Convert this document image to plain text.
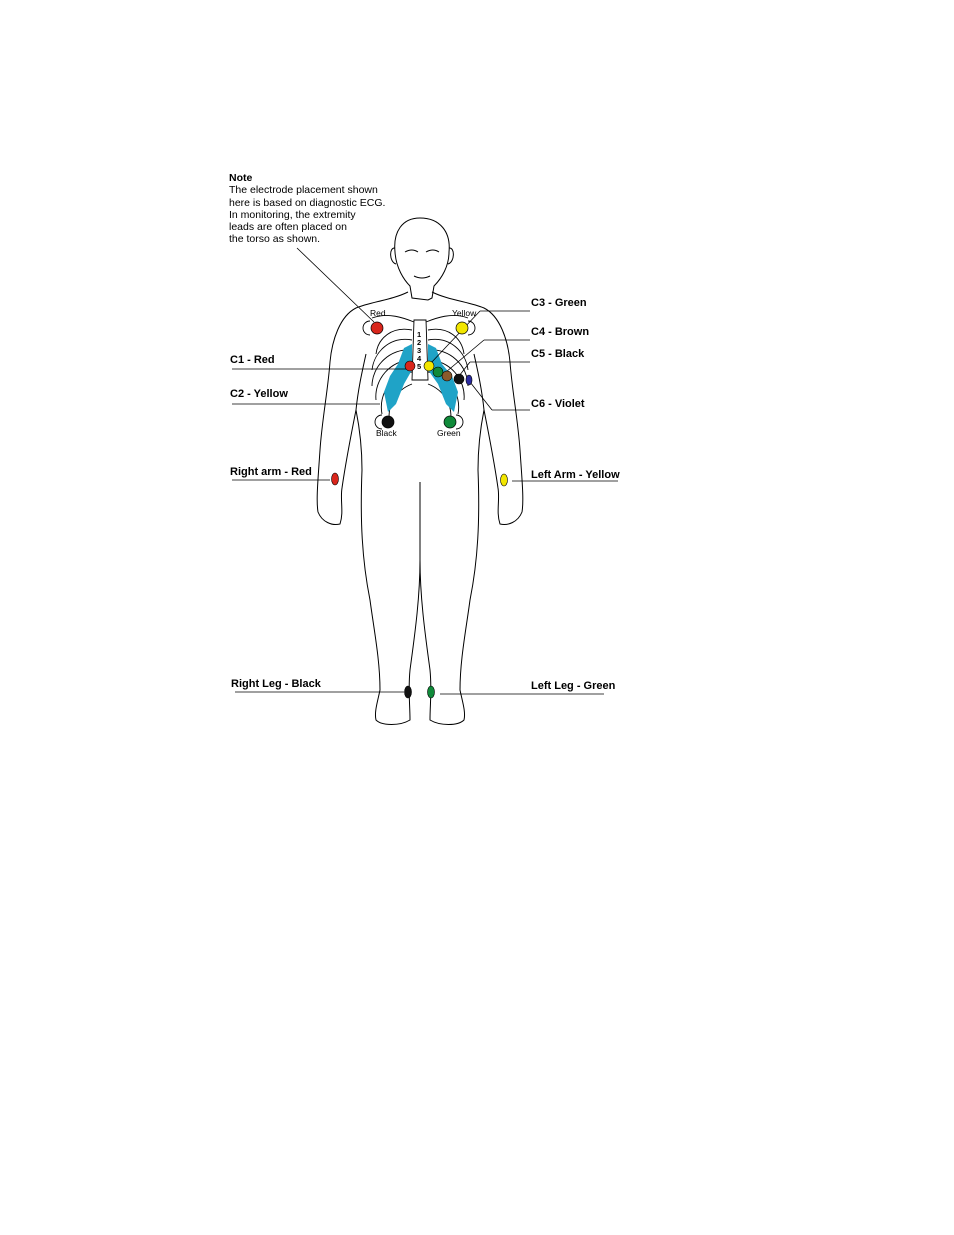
1
2
3
4
5
Red	Yellow
Black	Green
C1 - Red
C2 - Yellow
C3 - Green
C4 - Brown
C5 - Black
C6 - Violet
Right arm - Red	Left Arm - Yellow
Right Leg - Black	Left Leg - Green
Note
The electrode placement shown
here is based on diagnostic ECG.
In monitoring, the extremity
leads are often placed on
the torso as shown.
